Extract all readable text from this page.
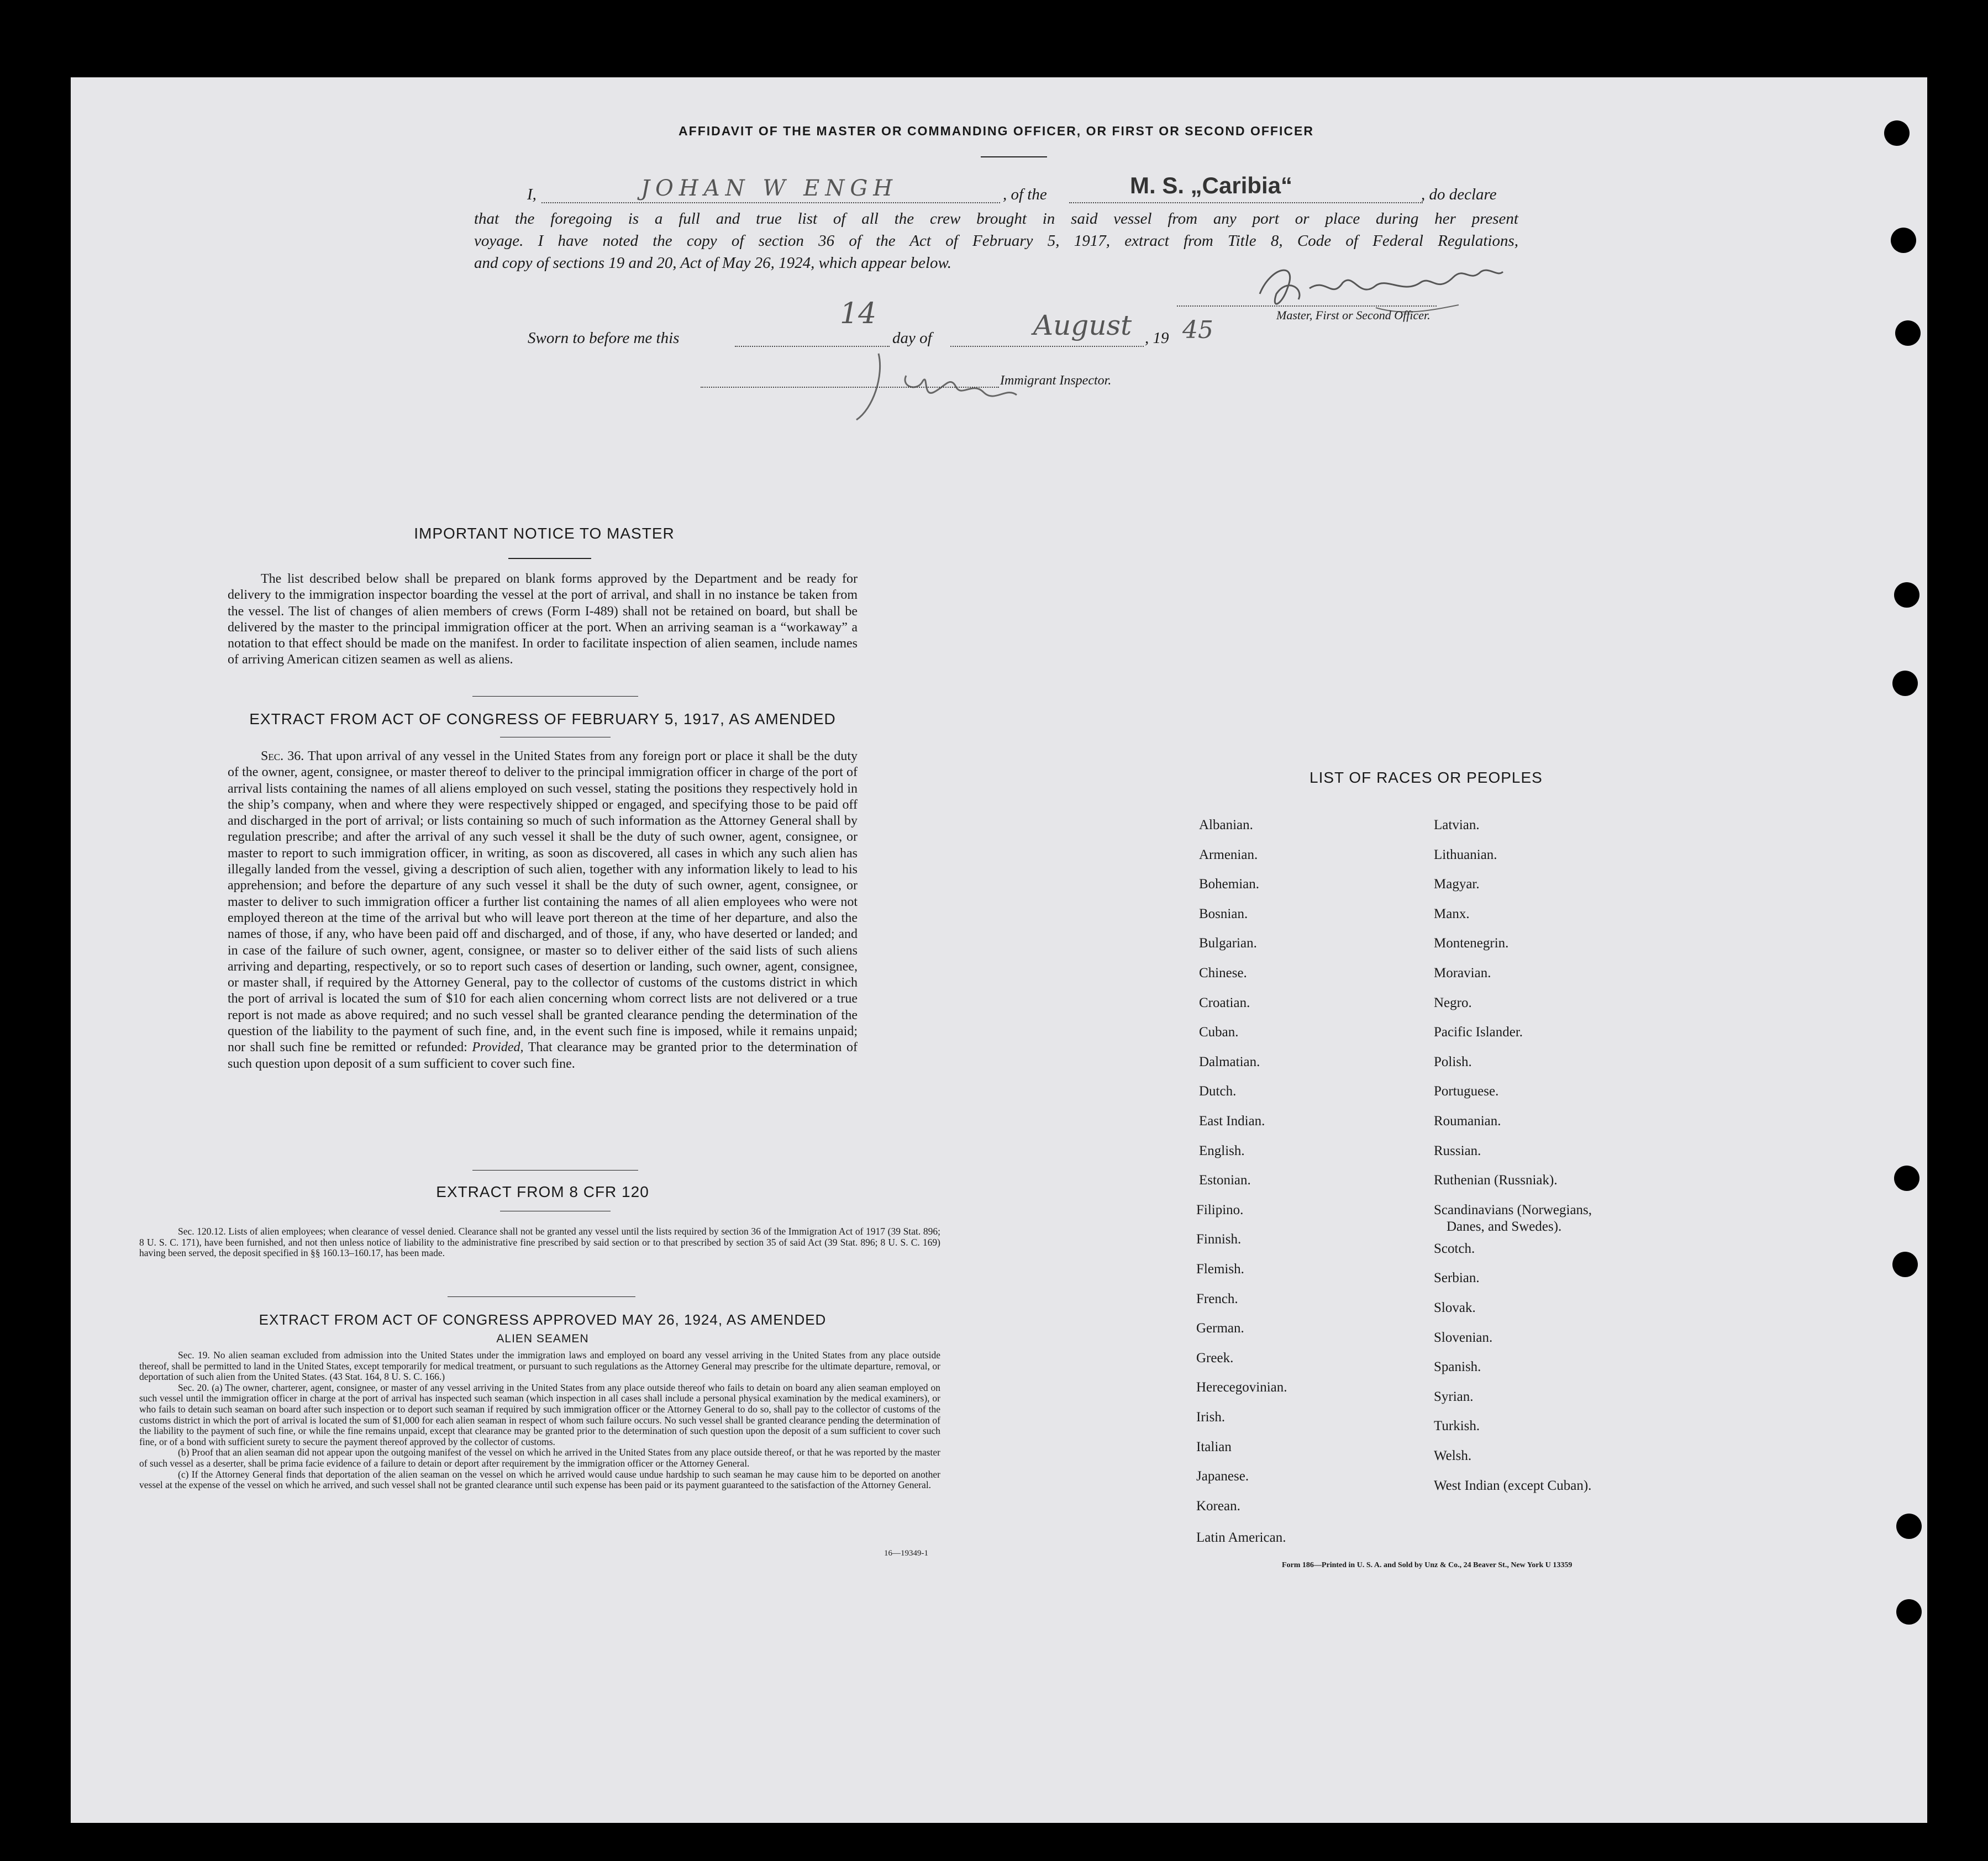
AFFIDAVIT OF THE MASTER OR COMMANDING OFFICER, OR FIRST OR SECOND OFFICER
I,	JOHAN W ENGH	, of the	M. S. „Caribia“	, do declare
that the foregoing is a full and true list of all the crew brought in said vessel from any port or place during her present
voyage. I have noted the copy of section 36 of the Act of February 5, 1917, extract from Title 8, Code of Federal Regulations,
and copy of sections 19 and 20, Act of May 26, 1924, which appear below.
Master, First or Second Officer.
Sworn to before me this
14
day of	August , 19 45
Immigrant Inspector.
IMPORTANT NOTICE TO MASTER
The list described below shall be prepared on blank forms approved by the Department and be ready for delivery to the immigration inspector boarding the vessel at the port of arrival, and shall in no instance be taken from the vessel. The list of changes of alien members of crews (Form I-489) shall not be retained on board, but shall be delivered by the master to the principal immigration officer at the port. When an arriving seaman is a “workaway” a notation to that effect should be made on the manifest. In order to facilitate inspection of alien seamen, include names of arriving American citizen seamen as well as aliens.
EXTRACT FROM ACT OF CONGRESS OF FEBRUARY 5, 1917, AS AMENDED
Sec. 36. That upon arrival of any vessel in the United States from any foreign port or place it shall be the duty of the owner, agent, consignee, or master thereof to deliver to the principal immigration officer in charge of the port of arrival lists containing the names of all aliens employed on such vessel, stating the positions they respectively hold in the ship’s company, when and where they were respectively shipped or engaged, and specifying those to be paid off and discharged in the port of arrival; or lists containing so much of such information as the Attorney General shall by regulation prescribe; and after the arrival of any such vessel it shall be the duty of such owner, agent, consignee, or master to report to such immigration officer, in writing, as soon as discovered, all cases in which any such alien has illegally landed from the vessel, giving a description of such alien, together with any information likely to lead to his apprehension; and before the departure of any such vessel it shall be the duty of such owner, agent, consignee, or master to deliver to such immigration officer a further list containing the names of all alien employees who were not employed thereon at the time of the arrival but who will leave port thereon at the time of her departure, and also the names of those, if any, who have been paid off and discharged, and of those, if any, who have deserted or landed; and in case of the failure of such owner, agent, consignee, or master so to deliver either of the said lists of such aliens arriving and departing, respectively, or so to report such cases of desertion or landing, such owner, agent, consignee, or master shall, if required by the Attorney General, pay to the collector of customs of the customs district in which the port of arrival is located the sum of $10 for each alien concerning whom correct lists are not delivered or a true report is not made as above required; and no such vessel shall be granted clearance pending the determination of the question of the liability to the payment of such fine, and, in the event such fine is imposed, while it remains unpaid; nor shall such fine be remitted or refunded: Provided, That clearance may be granted prior to the determination of such question upon deposit of a sum sufficient to cover such fine.
EXTRACT FROM 8 CFR 120
Sec. 120.12. Lists of alien employees; when clearance of vessel denied. Clearance shall not be granted any vessel until the lists required by section 36 of the Immigration Act of 1917 (39 Stat. 896; 8 U. S. C. 171), have been furnished, and not then unless notice of liability to the administrative fine prescribed by said section or to that prescribed by section 35 of said Act (39 Stat. 896; 8 U. S. C. 169) having been served, the deposit specified in §§ 160.13–160.17, has been made.
EXTRACT FROM ACT OF CONGRESS APPROVED MAY 26, 1924, AS AMENDED
ALIEN SEAMEN
Sec. 19. No alien seaman excluded from admission into the United States under the immigration laws and employed on board any vessel arriving in the United States from any place outside thereof, shall be permitted to land in the United States, except temporarily for medical treatment, or pursuant to such regulations as the Attorney General may prescribe for the ultimate departure, removal, or deportation of such alien from the United States. (43 Stat. 164, 8 U. S. C. 166.)
Sec. 20. (a) The owner, charterer, agent, consignee, or master of any vessel arriving in the United States from any place outside thereof who fails to detain on board any alien seaman employed on such vessel until the immigration officer in charge at the port of arrival has inspected such seaman (which inspection in all cases shall include a personal physical examination by the medical examiners), or who fails to detain such seaman on board after such inspection or to deport such seaman if required by such immigration officer or the Attorney General to do so, shall pay to the collector of customs of the customs district in which the port of arrival is located the sum of $1,000 for each alien seaman in respect of whom such failure occurs. No such vessel shall be granted clearance pending the determination of the liability to the payment of such fine, or while the fine remains unpaid, except that clearance may be granted prior to the determination of such question upon the deposit of a sum sufficient to cover such fine, or of a bond with sufficient surety to secure the payment thereof approved by the collector of customs.
(b) Proof that an alien seaman did not appear upon the outgoing manifest of the vessel on which he arrived in the United States from any place outside thereof, or that he was reported by the master of such vessel as a deserter, shall be prima facie evidence of a failure to detain or deport after requirement by the immigration officer or the Attorney General.
(c) If the Attorney General finds that deportation of the alien seaman on the vessel on which he arrived would cause undue hardship to such seaman he may cause him to be deported on another vessel at the expense of the vessel on which he arrived, and such vessel shall not be granted clearance until such expense has been paid or its payment guaranteed to the satisfaction of the Attorney General.
16—19349-1
LIST OF RACES OR PEOPLES
Form 186—Printed in U. S. A. and Sold by Unz & Co., 24 Beaver St., New York U 13359
Albanian.
Armenian.
Bohemian.
Bosnian.
Bulgarian.
Chinese.
Croatian.
Cuban.
Dalmatian.
Dutch.
East Indian.
English.
Estonian.
Filipino.
Finnish.
Flemish.
French.
German.
Greek.
Herecegovinian.
Irish.
Italian
Japanese.
Korean.
Latin American.
Latvian.
Lithuanian.
Magyar.
Manx.
Montenegrin.
Moravian.
Negro.
Pacific Islander.
Polish.
Portuguese.
Roumanian.
Russian.
Ruthenian (Russniak).
Scandinavians (Norwegians,
Danes, and Swedes).
Scotch.
Serbian.
Slovak.
Slovenian.
Spanish.
Syrian.
Turkish.
Welsh.
West Indian (except Cuban).
